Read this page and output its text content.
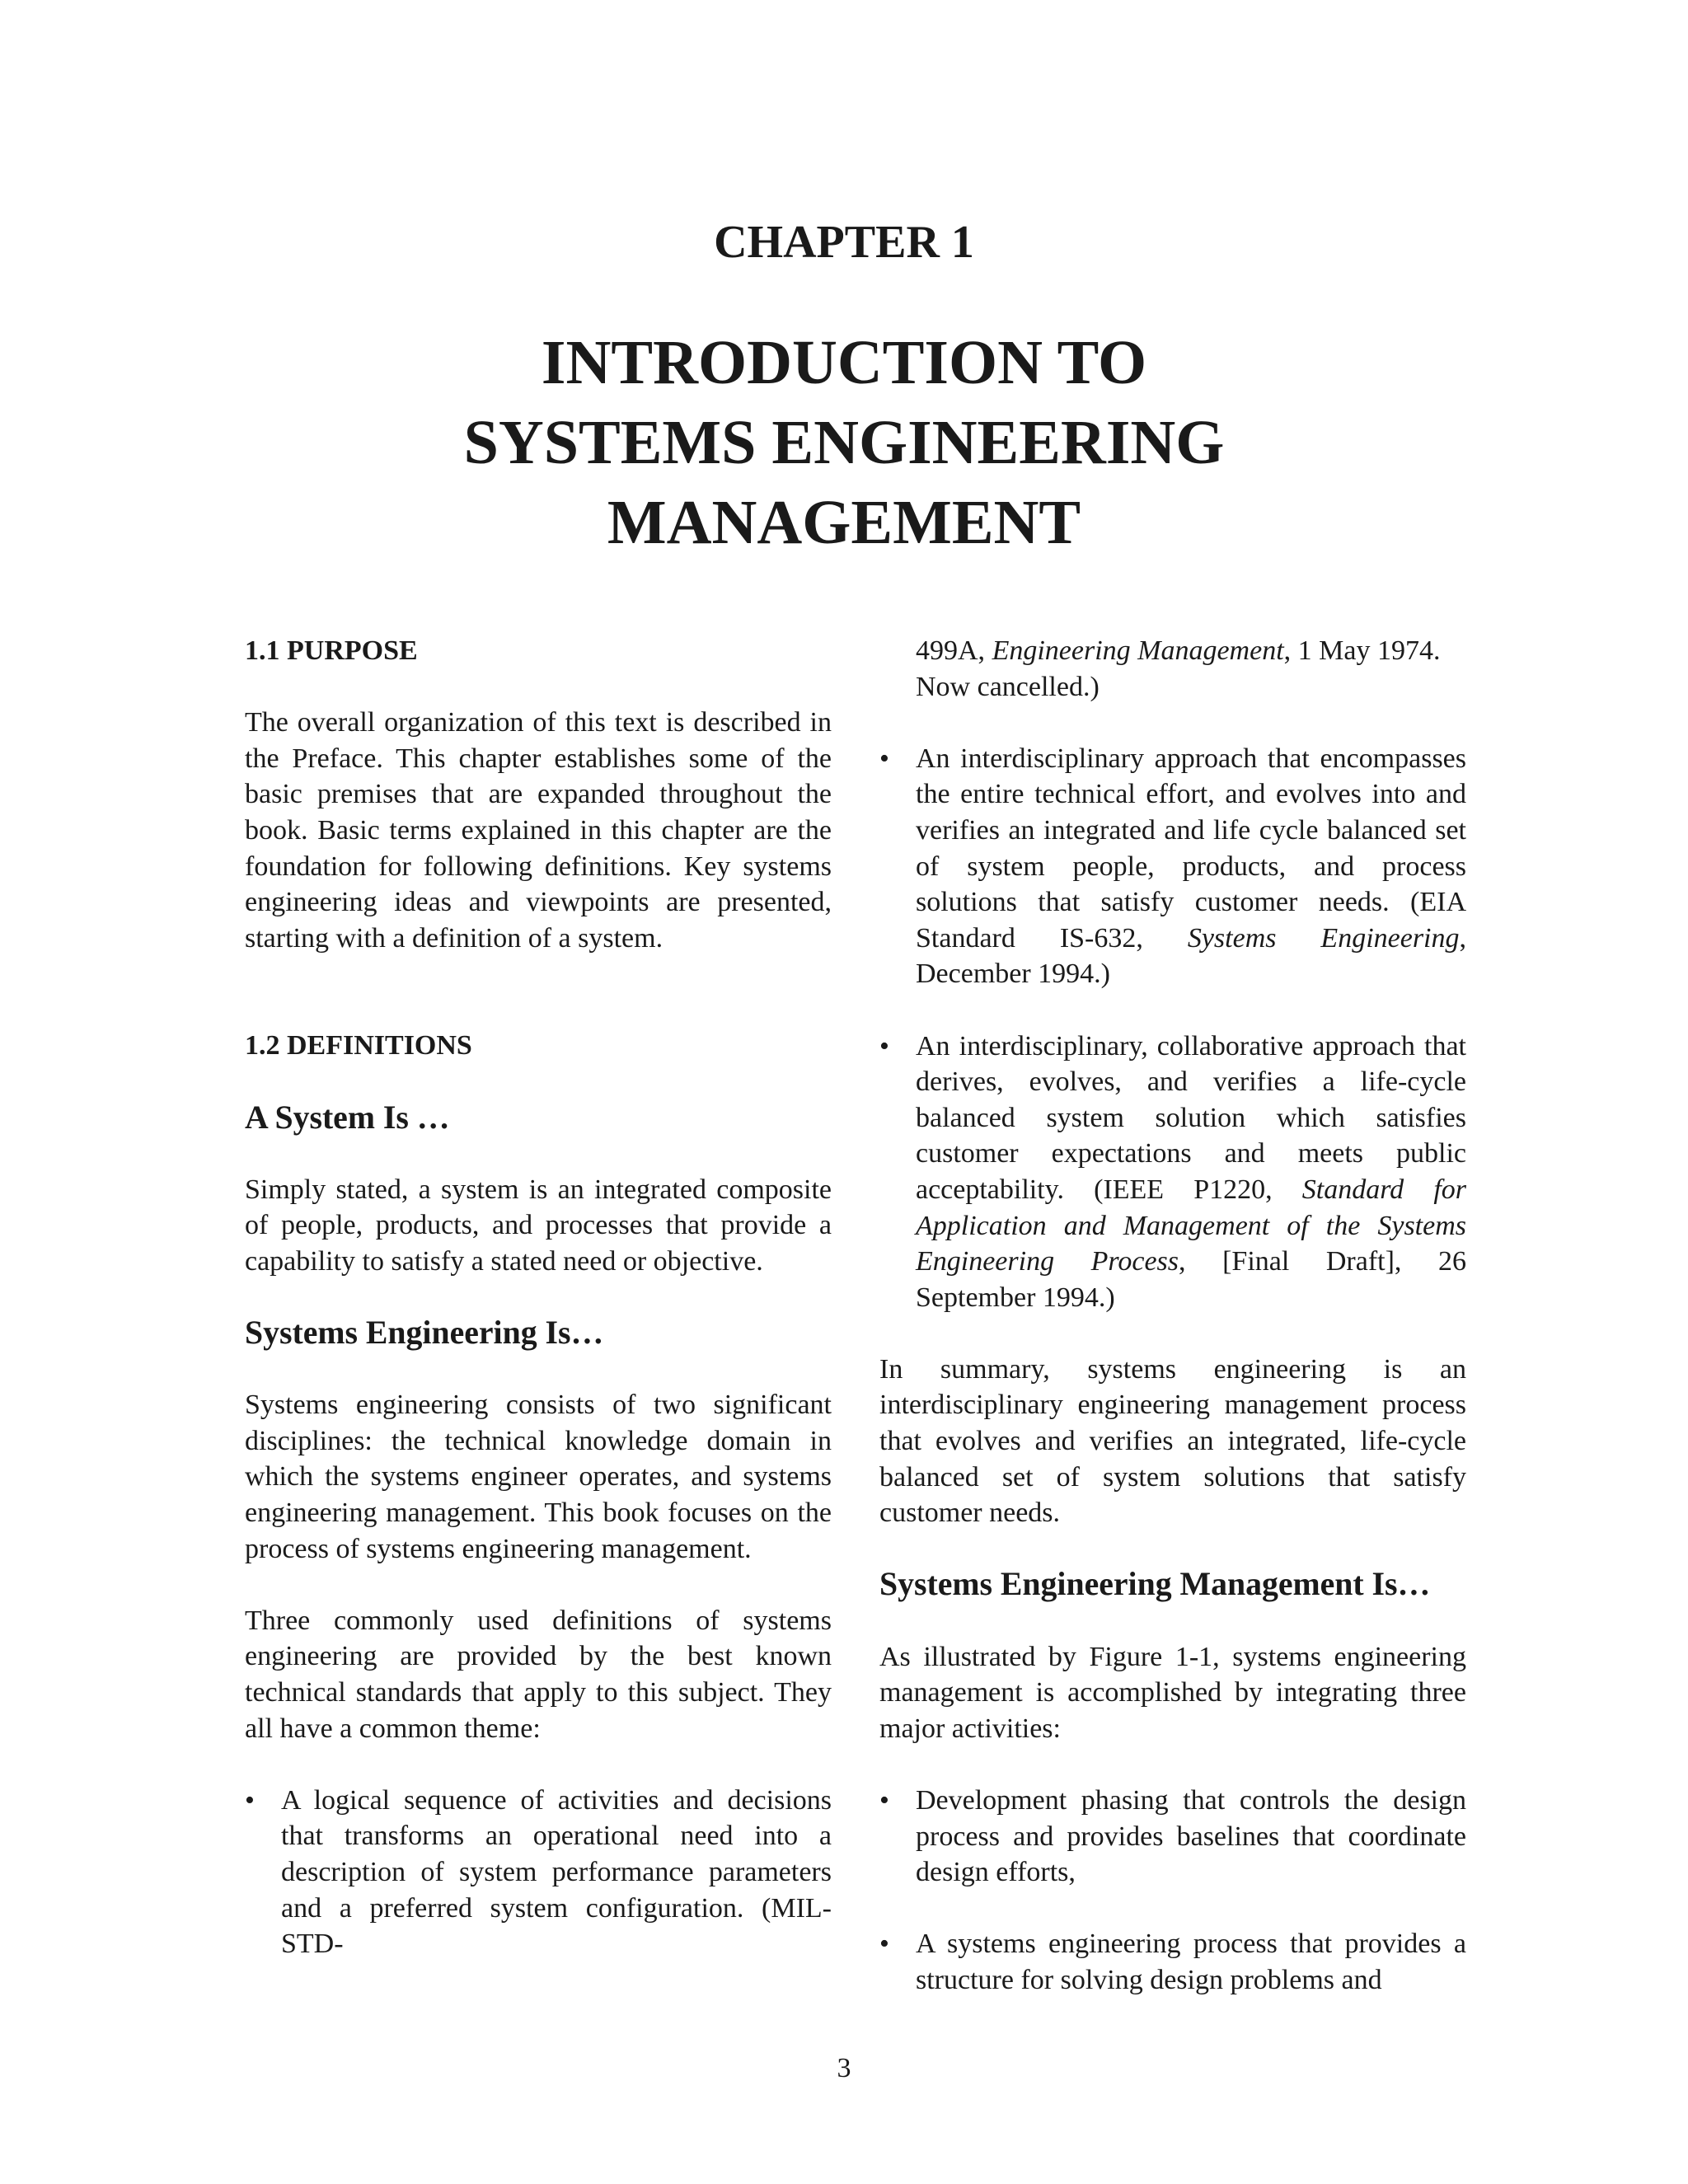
CHAPTER 1
INTRODUCTION TO
SYSTEMS ENGINEERING
MANAGEMENT
1.1 PURPOSE

The overall organization of this text is described in the Preface. This chapter establishes some of the basic premises that are expanded throughout the book. Basic terms explained in this chapter are the foundation for following definitions. Key systems engineering ideas and viewpoints are presented, starting with a definition of a system.

1.2 DEFINITIONS
A System Is …

Simply stated, a system is an integrated composite of people, products, and processes that provide a capability to satisfy a stated need or objective.

Systems Engineering Is…

Systems engineering consists of two significant disciplines: the technical knowledge domain in which the systems engineer operates, and systems engineering management. This book focuses on the process of systems engineering management.

Three commonly used definitions of systems engineering are provided by the best known technical standards that apply to this subject. They all have a common theme:

• A logical sequence of activities and decisions that transforms an operational need into a description of system performance parameters and a preferred system configuration. (MIL-STD-
499A, Engineering Management, 1 May 1974. Now cancelled.)
• An interdisciplinary approach that encompasses the entire technical effort, and evolves into and verifies an integrated and life cycle balanced set of system people, products, and process solutions that satisfy customer needs. (EIA Standard IS-632, Systems Engineering, December 1994.)
• An interdisciplinary, collaborative approach that derives, evolves, and verifies a life-cycle balanced system solution which satisfies customer expectations and meets public acceptability. (IEEE P1220, Standard for Application and Management of the Systems Engineering Process, [Final Draft], 26 September 1994.)

In summary, systems engineering is an interdisciplinary engineering management process that evolves and verifies an integrated, life-cycle balanced set of system solutions that satisfy customer needs.

Systems Engineering Management Is…

As illustrated by Figure 1-1, systems engineering management is accomplished by integrating three major activities:

• Development phasing that controls the design process and provides baselines that coordinate design efforts,
• A systems engineering process that provides a structure for solving design problems and
3
